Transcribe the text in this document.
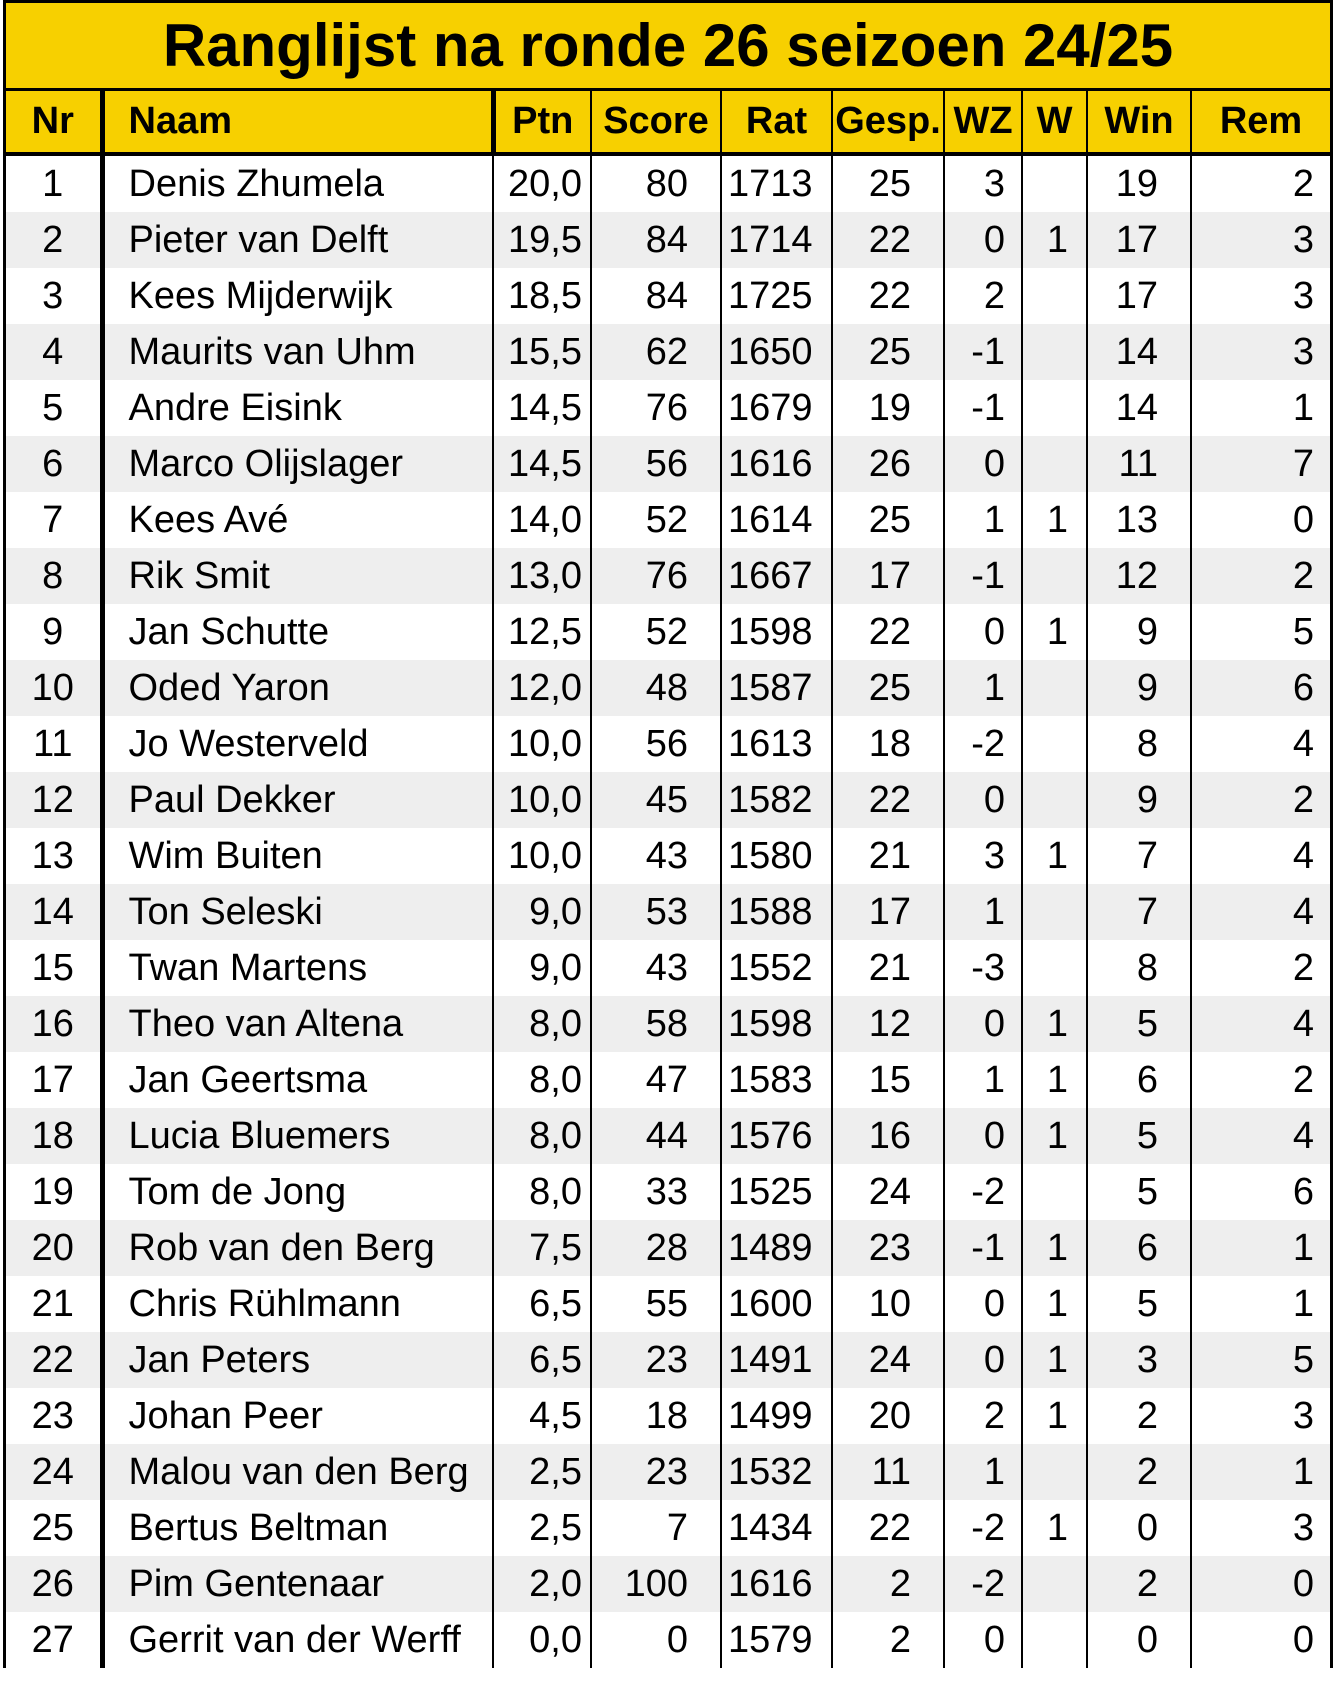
Ranglijst na ronde 26 seizoen 24/25
Nr	Naam	Ptn	Score	Rat	Gesp.	WZ	W	Win	Rem
1	Denis Zhumela	20,0	80	1713	25	3		19	2
2	Pieter van Delft	19,5	84	1714	22	0	1	17	3
3	Kees Mijderwijk	18,5	84	1725	22	2		17	3
4	Maurits van Uhm	15,5	62	1650	25	-1		14	3
5	Andre Eisink	14,5	76	1679	19	-1		14	1
6	Marco Olijslager	14,5	56	1616	26	0		11	7
7	Kees Avé	14,0	52	1614	25	1	1	13	0
8	Rik Smit	13,0	76	1667	17	-1		12	2
9	Jan Schutte	12,5	52	1598	22	0	1	9	5
10	Oded Yaron	12,0	48	1587	25	1		9	6
11	Jo Westerveld	10,0	56	1613	18	-2		8	4
12	Paul Dekker	10,0	45	1582	22	0		9	2
13	Wim Buiten	10,0	43	1580	21	3	1	7	4
14	Ton Seleski	9,0	53	1588	17	1		7	4
15	Twan Martens	9,0	43	1552	21	-3		8	2
16	Theo van Altena	8,0	58	1598	12	0	1	5	4
17	Jan Geertsma	8,0	47	1583	15	1	1	6	2
18	Lucia Bluemers	8,0	44	1576	16	0	1	5	4
19	Tom de Jong	8,0	33	1525	24	-2		5	6
20	Rob van den Berg	7,5	28	1489	23	-1	1	6	1
21	Chris Rühlmann	6,5	55	1600	10	0	1	5	1
22	Jan Peters	6,5	23	1491	24	0	1	3	5
23	Johan Peer	4,5	18	1499	20	2	1	2	3
24	Malou van den Berg	2,5	23	1532	11	1		2	1
25	Bertus Beltman	2,5	7	1434	22	-2	1	0	3
26	Pim Gentenaar	2,0	100	1616	2	-2		2	0
27	Gerrit van der Werff	0,0	0	1579	2	0		0	0
